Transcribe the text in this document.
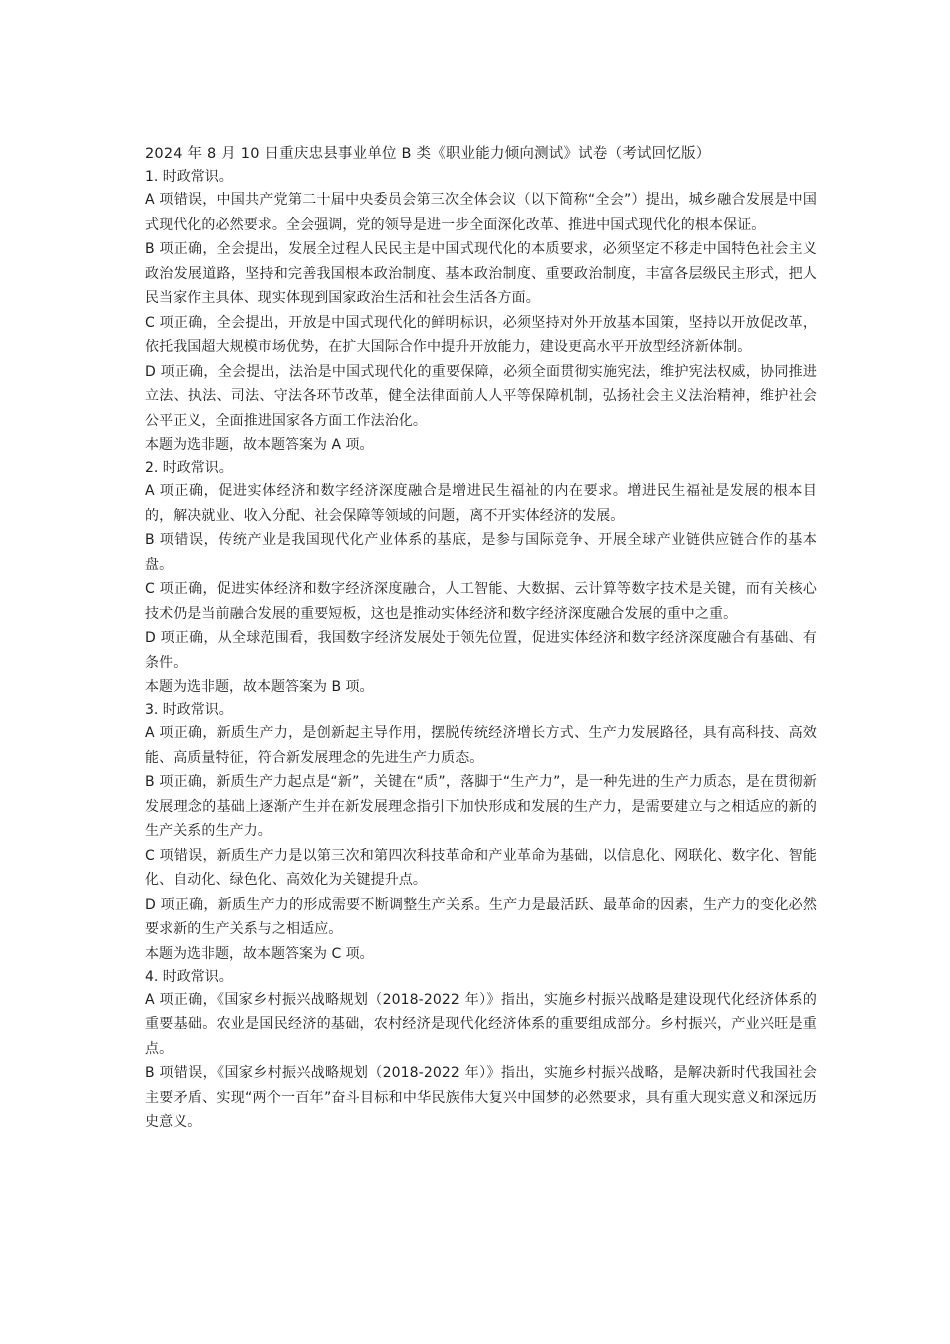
2024 年 8 月 10 日重庆忠县事业单位 B 类《职业能力倾向测试》试卷（考试回忆版）

1. 时政常识。

A 项错误，中国共产党第二十届中央委员会第三次全体会议（以下简称“全会”）提出，城乡融合发展是中国式现代化的必然要求。全会强调，党的领导是进一步全面深化改革、推进中国式现代化的根本保证。

B 项正确，全会提出，发展全过程人民民主是中国式现代化的本质要求，必须坚定不移走中国特色社会主义政治发展道路，坚持和完善我国根本政治制度、基本政治制度、重要政治制度，丰富各层级民主形式，把人民当家作主具体、现实体现到国家政治生活和社会生活各方面。

C 项正确，全会提出，开放是中国式现代化的鲜明标识，必须坚持对外开放基本国策，坚持以开放促改革，依托我国超大规模市场优势，在扩大国际合作中提升开放能力，建设更高水平开放型经济新体制。

D 项正确，全会提出，法治是中国式现代化的重要保障，必须全面贯彻实施宪法，维护宪法权威，协同推进立法、执法、司法、守法各环节改革，健全法律面前人人平等保障机制，弘扬社会主义法治精神，维护社会公平正义，全面推进国家各方面工作法治化。

本题为选非题，故本题答案为 A 项。

2. 时政常识。

A 项正确，促进实体经济和数字经济深度融合是增进民生福祉的内在要求。增进民生福祉是发展的根本目的，解决就业、收入分配、社会保障等领域的问题，离不开实体经济的发展。

B 项错误，传统产业是我国现代化产业体系的基底，是参与国际竞争、开展全球产业链供应链合作的基本盘。

C 项正确，促进实体经济和数字经济深度融合，人工智能、大数据、云计算等数字技术是关键，而有关核心技术仍是当前融合发展的重要短板，这也是推动实体经济和数字经济深度融合发展的重中之重。

D 项正确，从全球范围看，我国数字经济发展处于领先位置，促进实体经济和数字经济深度融合有基础、有条件。

本题为选非题，故本题答案为 B 项。

3. 时政常识。

A 项正确，新质生产力，是创新起主导作用，摆脱传统经济增长方式、生产力发展路径，具有高科技、高效能、高质量特征，符合新发展理念的先进生产力质态。

B 项正确，新质生产力起点是“新”，关键在“质”，落脚于“生产力”，是一种先进的生产力质态，是在贯彻新发展理念的基础上逐渐产生并在新发展理念指引下加快形成和发展的生产力，是需要建立与之相适应的新的生产关系的生产力。

C 项错误，新质生产力是以第三次和第四次科技革命和产业革命为基础，以信息化、网联化、数字化、智能化、自动化、绿色化、高效化为关键提升点。

D 项正确，新质生产力的形成需要不断调整生产关系。生产力是最活跃、最革命的因素，生产力的变化必然要求新的生产关系与之相适应。

本题为选非题，故本题答案为 C 项。

4. 时政常识。

A 项正确，《国家乡村振兴战略规划（2018-2022 年）》指出，实施乡村振兴战略是建设现代化经济体系的重要基础。农业是国民经济的基础，农村经济是现代化经济体系的重要组成部分。乡村振兴，产业兴旺是重点。

B 项错误，《国家乡村振兴战略规划（2018-2022 年）》指出，实施乡村振兴战略，是解决新时代我国社会主要矛盾、实现“两个一百年”奋斗目标和中华民族伟大复兴中国梦的必然要求，具有重大现实意义和深远历史意义。
